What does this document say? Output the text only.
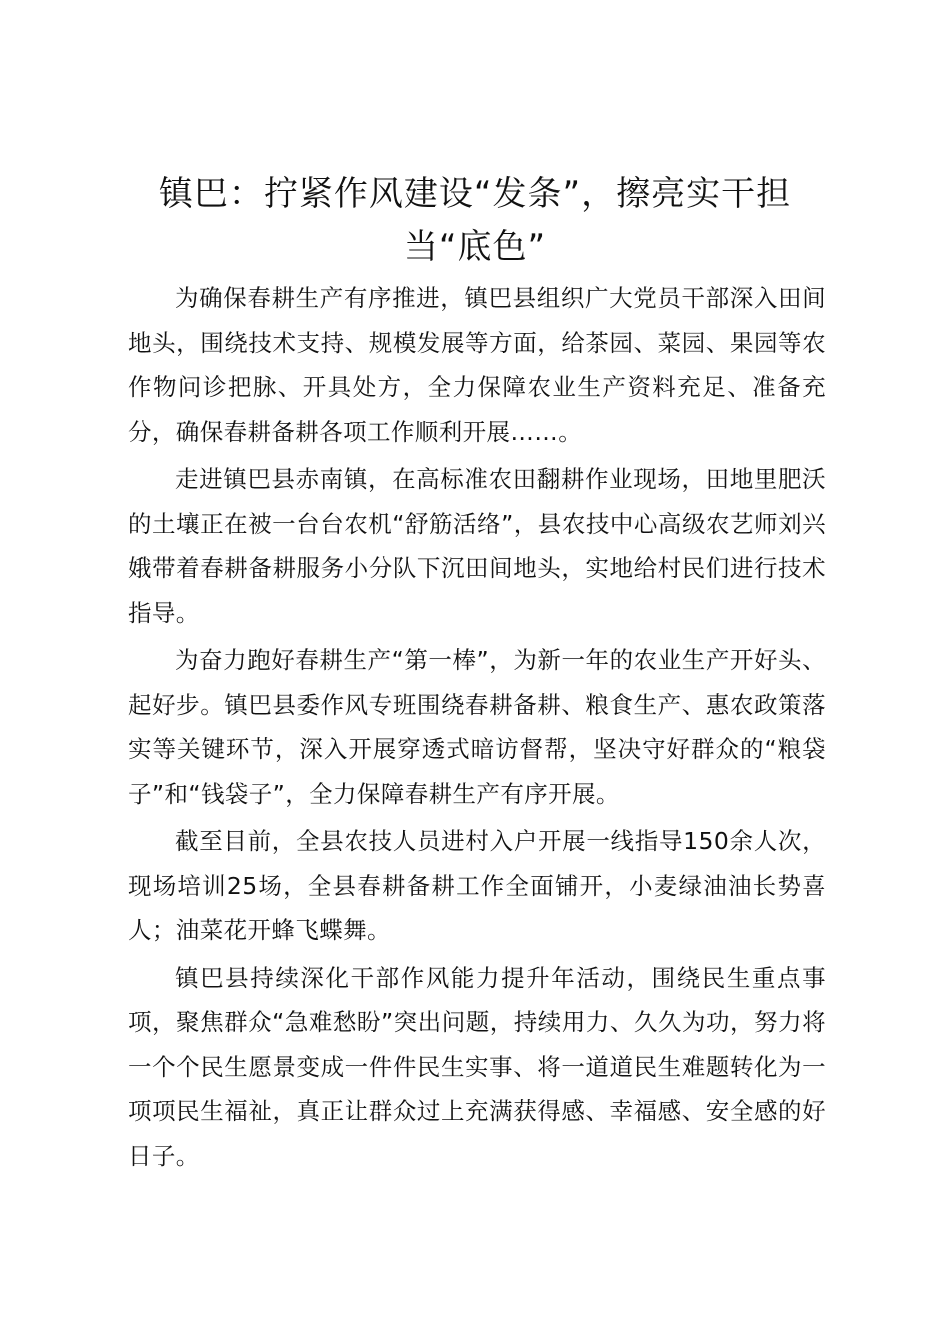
镇巴：拧紧作风建设“发条”，擦亮实干担当“底色”

为确保春耕生产有序推进，镇巴县组织广大党员干部深入田间地头，围绕技术支持、规模发展等方面，给茶园、菜园、果园等农作物问诊把脉、开具处方，全力保障农业生产资料充足、准备充分，确保春耕备耕各项工作顺利开展……。

走进镇巴县赤南镇，在高标准农田翻耕作业现场，田地里肥沃的土壤正在被一台台农机“舒筋活络”，县农技中心高级农艺师刘兴娥带着春耕备耕服务小分队下沉田间地头，实地给村民们进行技术指导。

为奋力跑好春耕生产“第一棒”，为新一年的农业生产开好头、起好步。镇巴县委作风专班围绕春耕备耕、粮食生产、惠农政策落实等关键环节，深入开展穿透式暗访督帮，坚决守好群众的“粮袋子”和“钱袋子”，全力保障春耕生产有序开展。

截至目前，全县农技人员进村入户开展一线指导150余人次，现场培训25场，全县春耕备耕工作全面铺开，小麦绿油油长势喜人；油菜花开蜂飞蝶舞。

镇巴县持续深化干部作风能力提升年活动，围绕民生重点事项，聚焦群众“急难愁盼”突出问题，持续用力、久久为功，努力将一个个民生愿景变成一件件民生实事、将一道道民生难题转化为一项项民生福祉，真正让群众过上充满获得感、幸福感、安全感的好日子。
